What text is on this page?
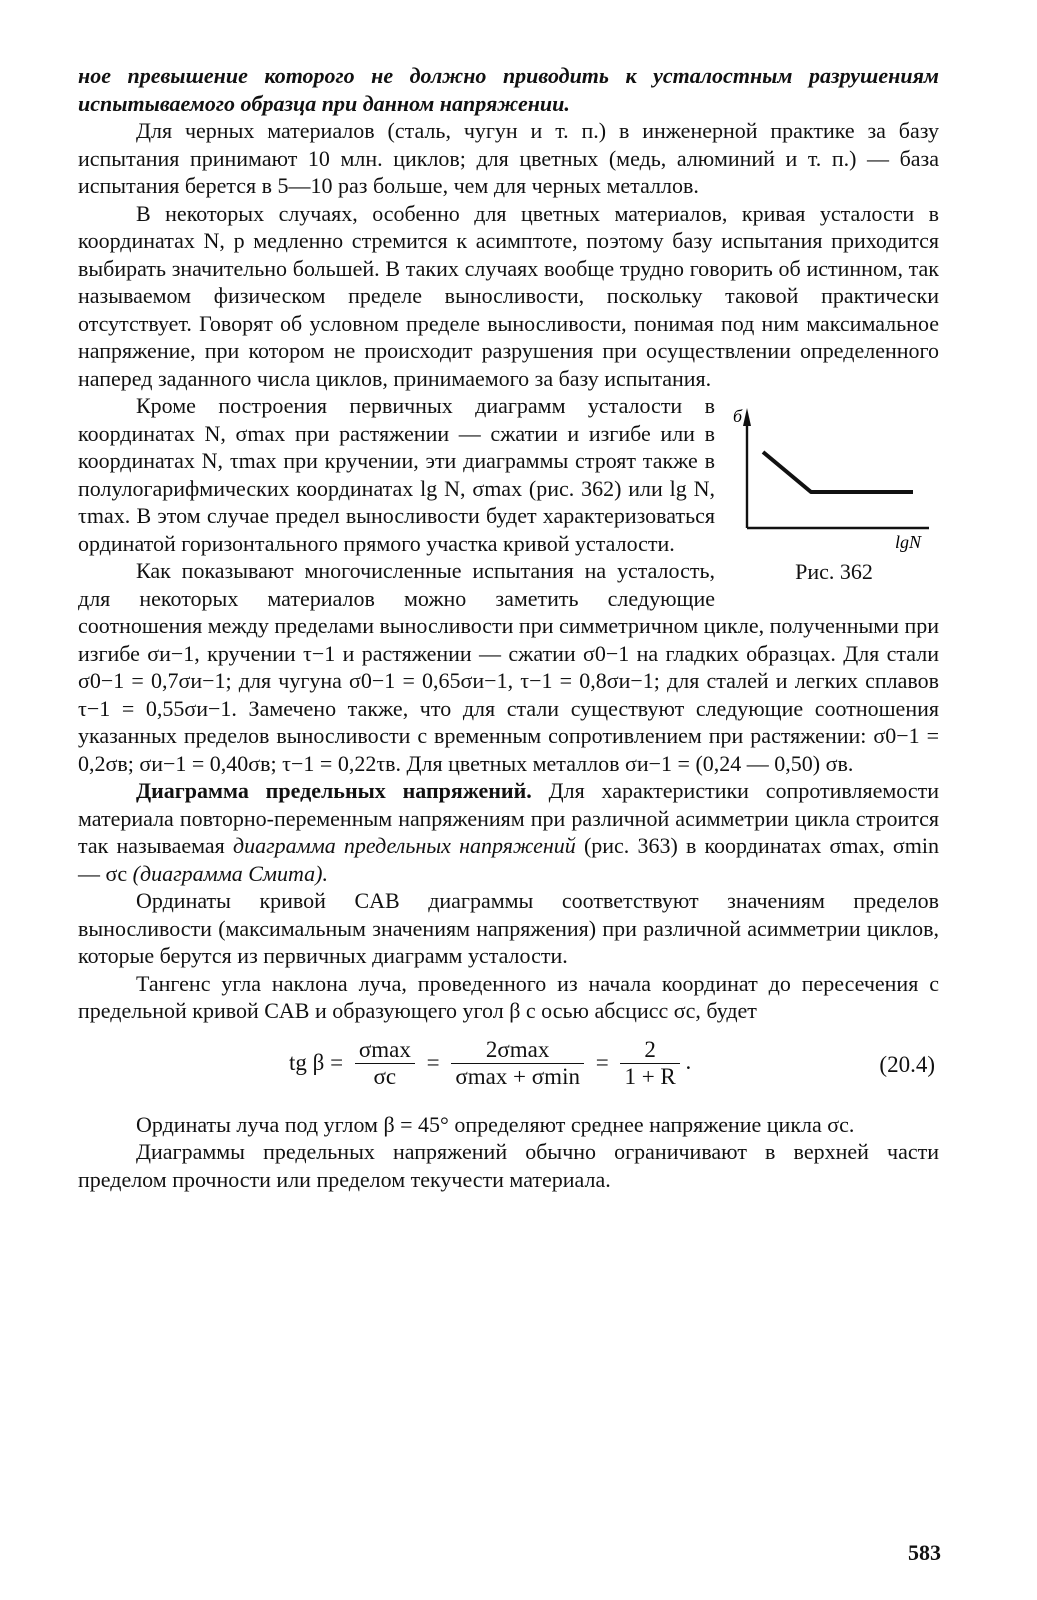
ное превышение которого не должно приводить к усталостным разрушениям испытываемого образца при данном напряжении.

Для черных материалов (сталь, чугун и т. п.) в инженерной практике за базу испытания принимают 10 млн. циклов; для цветных (медь, алюминий и т. п.) — база испытания берется в 5—10 раз больше, чем для черных металлов.

В некоторых случаях, особенно для цветных материалов, кривая усталости в координатах N, p медленно стремится к асимптоте, поэтому базу испытания приходится выбирать значительно большей. В таких случаях вообще трудно говорить об истинном, так называемом физическом пределе выносливости, поскольку таковой практически отсутствует. Говорят об условном пределе выносливости, понимая под ним максимальное напряжение, при котором не происходит разрушения при осуществлении определенного наперед заданного числа циклов, принимаемого за базу испытания.

б
lgN
Рис. 362

Кроме построения первичных диаграмм усталости в координатах N, σmax при растяжении — сжатии и изгибе или в координатах N, τmax при кручении, эти диаграммы строят также в полулогарифмических координатах lg N, σmax (рис. 362) или lg N, τmax. В этом случае предел выносливости будет характеризоваться ординатой горизонтального прямого участка кривой усталости.

Как показывают многочисленные испытания на усталость, для некоторых материалов можно заметить следующие соотношения между пределами выносливости при симметричном цикле, полученными при изгибе σи−1, кручении τ−1 и растяжении — сжатии σ0−1 на гладких образцах. Для стали σ0−1 = 0,7σи−1; для чугуна σ0−1 = 0,65σи−1, τ−1 = 0,8σи−1; для сталей и легких сплавов τ−1 = 0,55σи−1. Замечено также, что для стали существуют следующие соотношения указанных пределов выносливости с временным сопротивлением при растяжении: σ0−1 = 0,2σв; σи−1 = 0,40σв; τ−1 = 0,22τв. Для цветных металлов σи−1 = (0,24 — 0,50) σв.

Диаграмма предельных напряжений. Для характеристики сопротивляемости материала повторно-переменным напряжениям при различной асимметрии цикла строится так называемая диаграмма предельных напряжений (рис. 363) в координатах σmax, σmin — σc (диаграмма Смита).

Ординаты кривой CAB диаграммы соответствуют значениям пределов выносливости (максимальным значениям напряжения) при различной асимметрии циклов, которые берутся из первичных диаграмм усталости.

Тангенс угла наклона луча, проведенного из начала координат до пересечения с предельной кривой CAB и образующего угол β с осью абсцисс σc, будет

tg $\beta = \frac{\sigma\max}{\sigma c} = \frac{2\sigma\max}{\sigma\max + \sigma\min} = \frac{2}{1 + R}$ .	(20.4)

Ординаты луча под углом β = 45° определяют среднее напряжение цикла σc.

Диаграммы предельных напряжений обычно ограничивают в верхней части пределом прочности или пределом текучести материала.

583
